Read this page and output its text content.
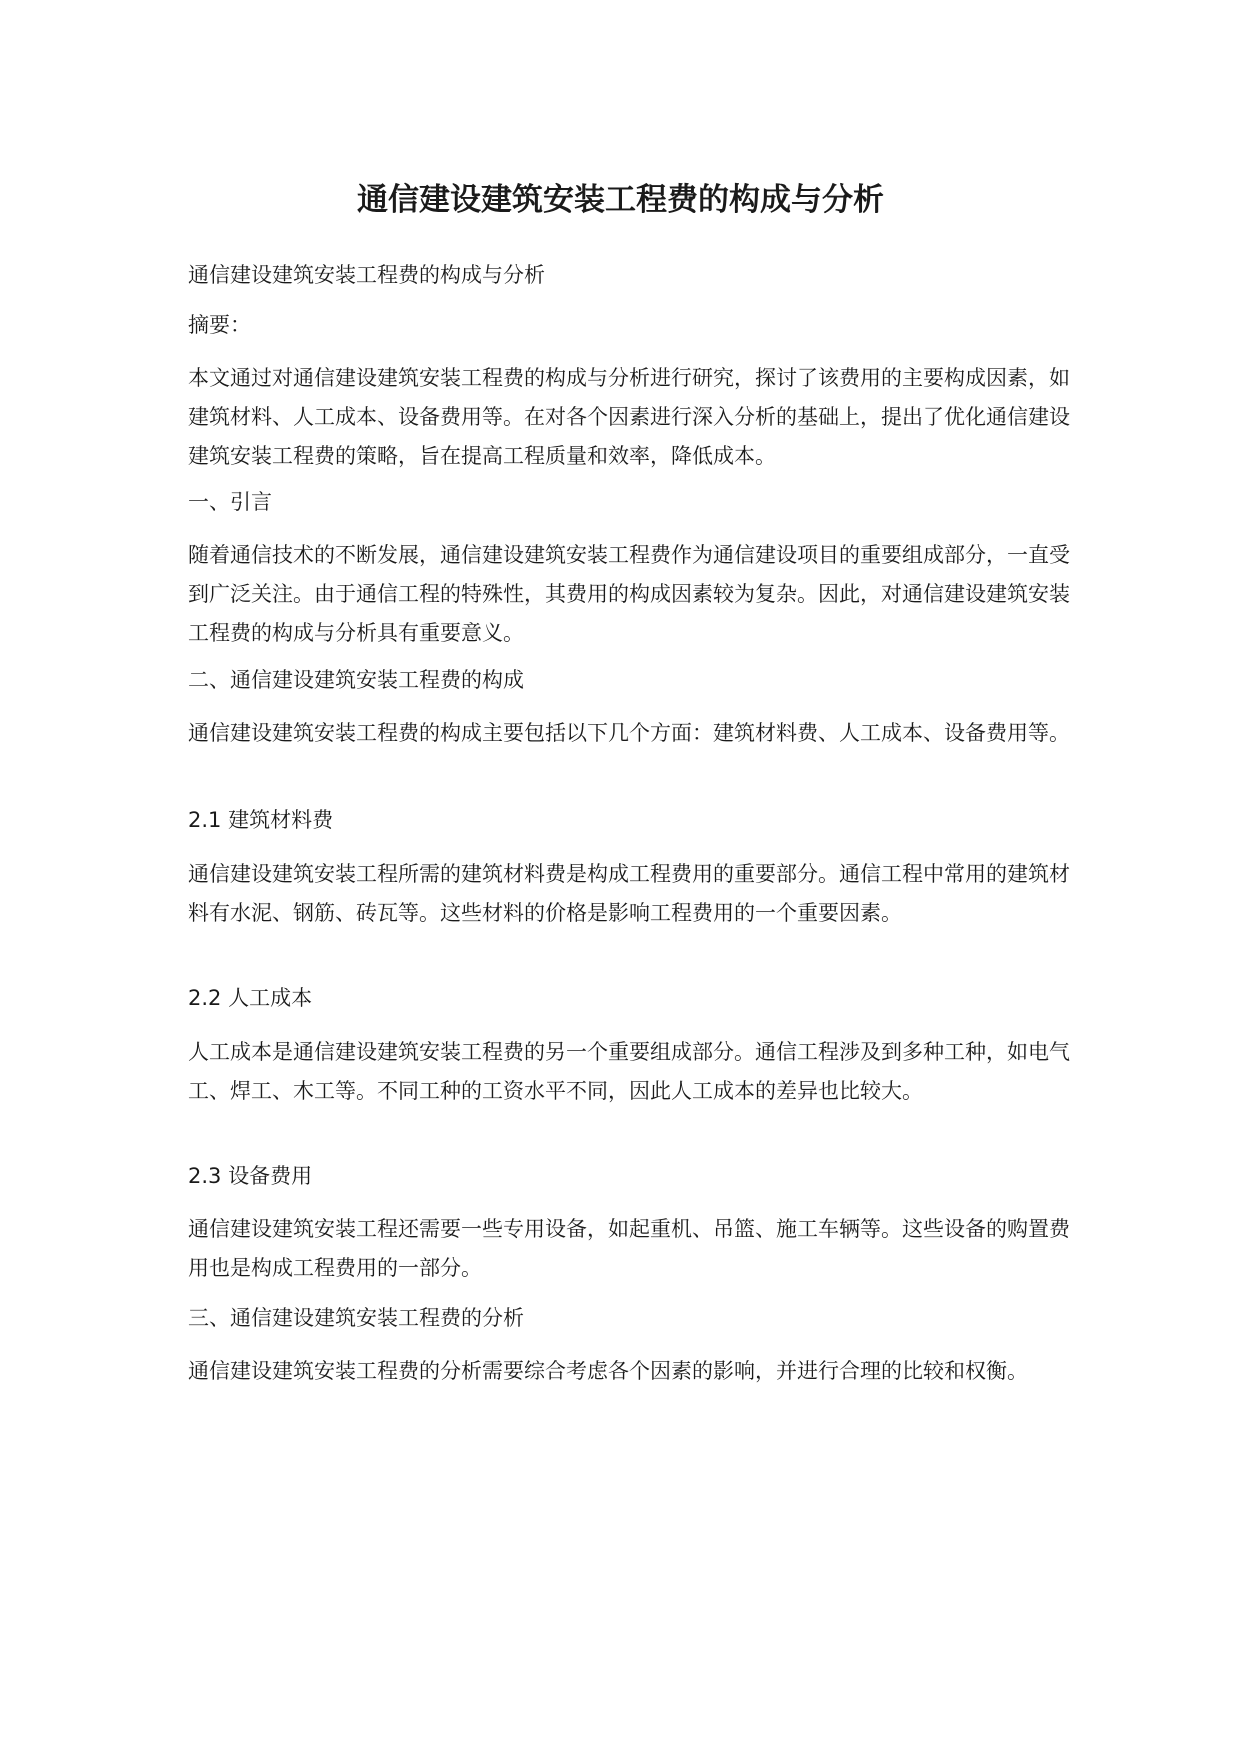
通信建设建筑安装工程费的构成与分析

通信建设建筑安装工程费的构成与分析

摘要：

本文通过对通信建设建筑安装工程费的构成与分析进行研究，探讨了该费用的主要构成因素，如建筑材料、人工成本、设备费用等。在对各个因素进行深入分析的基础上，提出了优化通信建设建筑安装工程费的策略，旨在提高工程质量和效率，降低成本。

一、引言

随着通信技术的不断发展，通信建设建筑安装工程费作为通信建设项目的重要组成部分，一直受到广泛关注。由于通信工程的特殊性，其费用的构成因素较为复杂。因此，对通信建设建筑安装工程费的构成与分析具有重要意义。

二、通信建设建筑安装工程费的构成

通信建设建筑安装工程费的构成主要包括以下几个方面：建筑材料费、人工成本、设备费用等。

2.1 建筑材料费

通信建设建筑安装工程所需的建筑材料费是构成工程费用的重要部分。通信工程中常用的建筑材料有水泥、钢筋、砖瓦等。这些材料的价格是影响工程费用的一个重要因素。

2.2 人工成本

人工成本是通信建设建筑安装工程费的另一个重要组成部分。通信工程涉及到多种工种，如电气工、焊工、木工等。不同工种的工资水平不同，因此人工成本的差异也比较大。

2.3 设备费用

通信建设建筑安装工程还需要一些专用设备，如起重机、吊篮、施工车辆等。这些设备的购置费用也是构成工程费用的一部分。

三、通信建设建筑安装工程费的分析

通信建设建筑安装工程费的分析需要综合考虑各个因素的影响，并进行合理的比较和权衡。
